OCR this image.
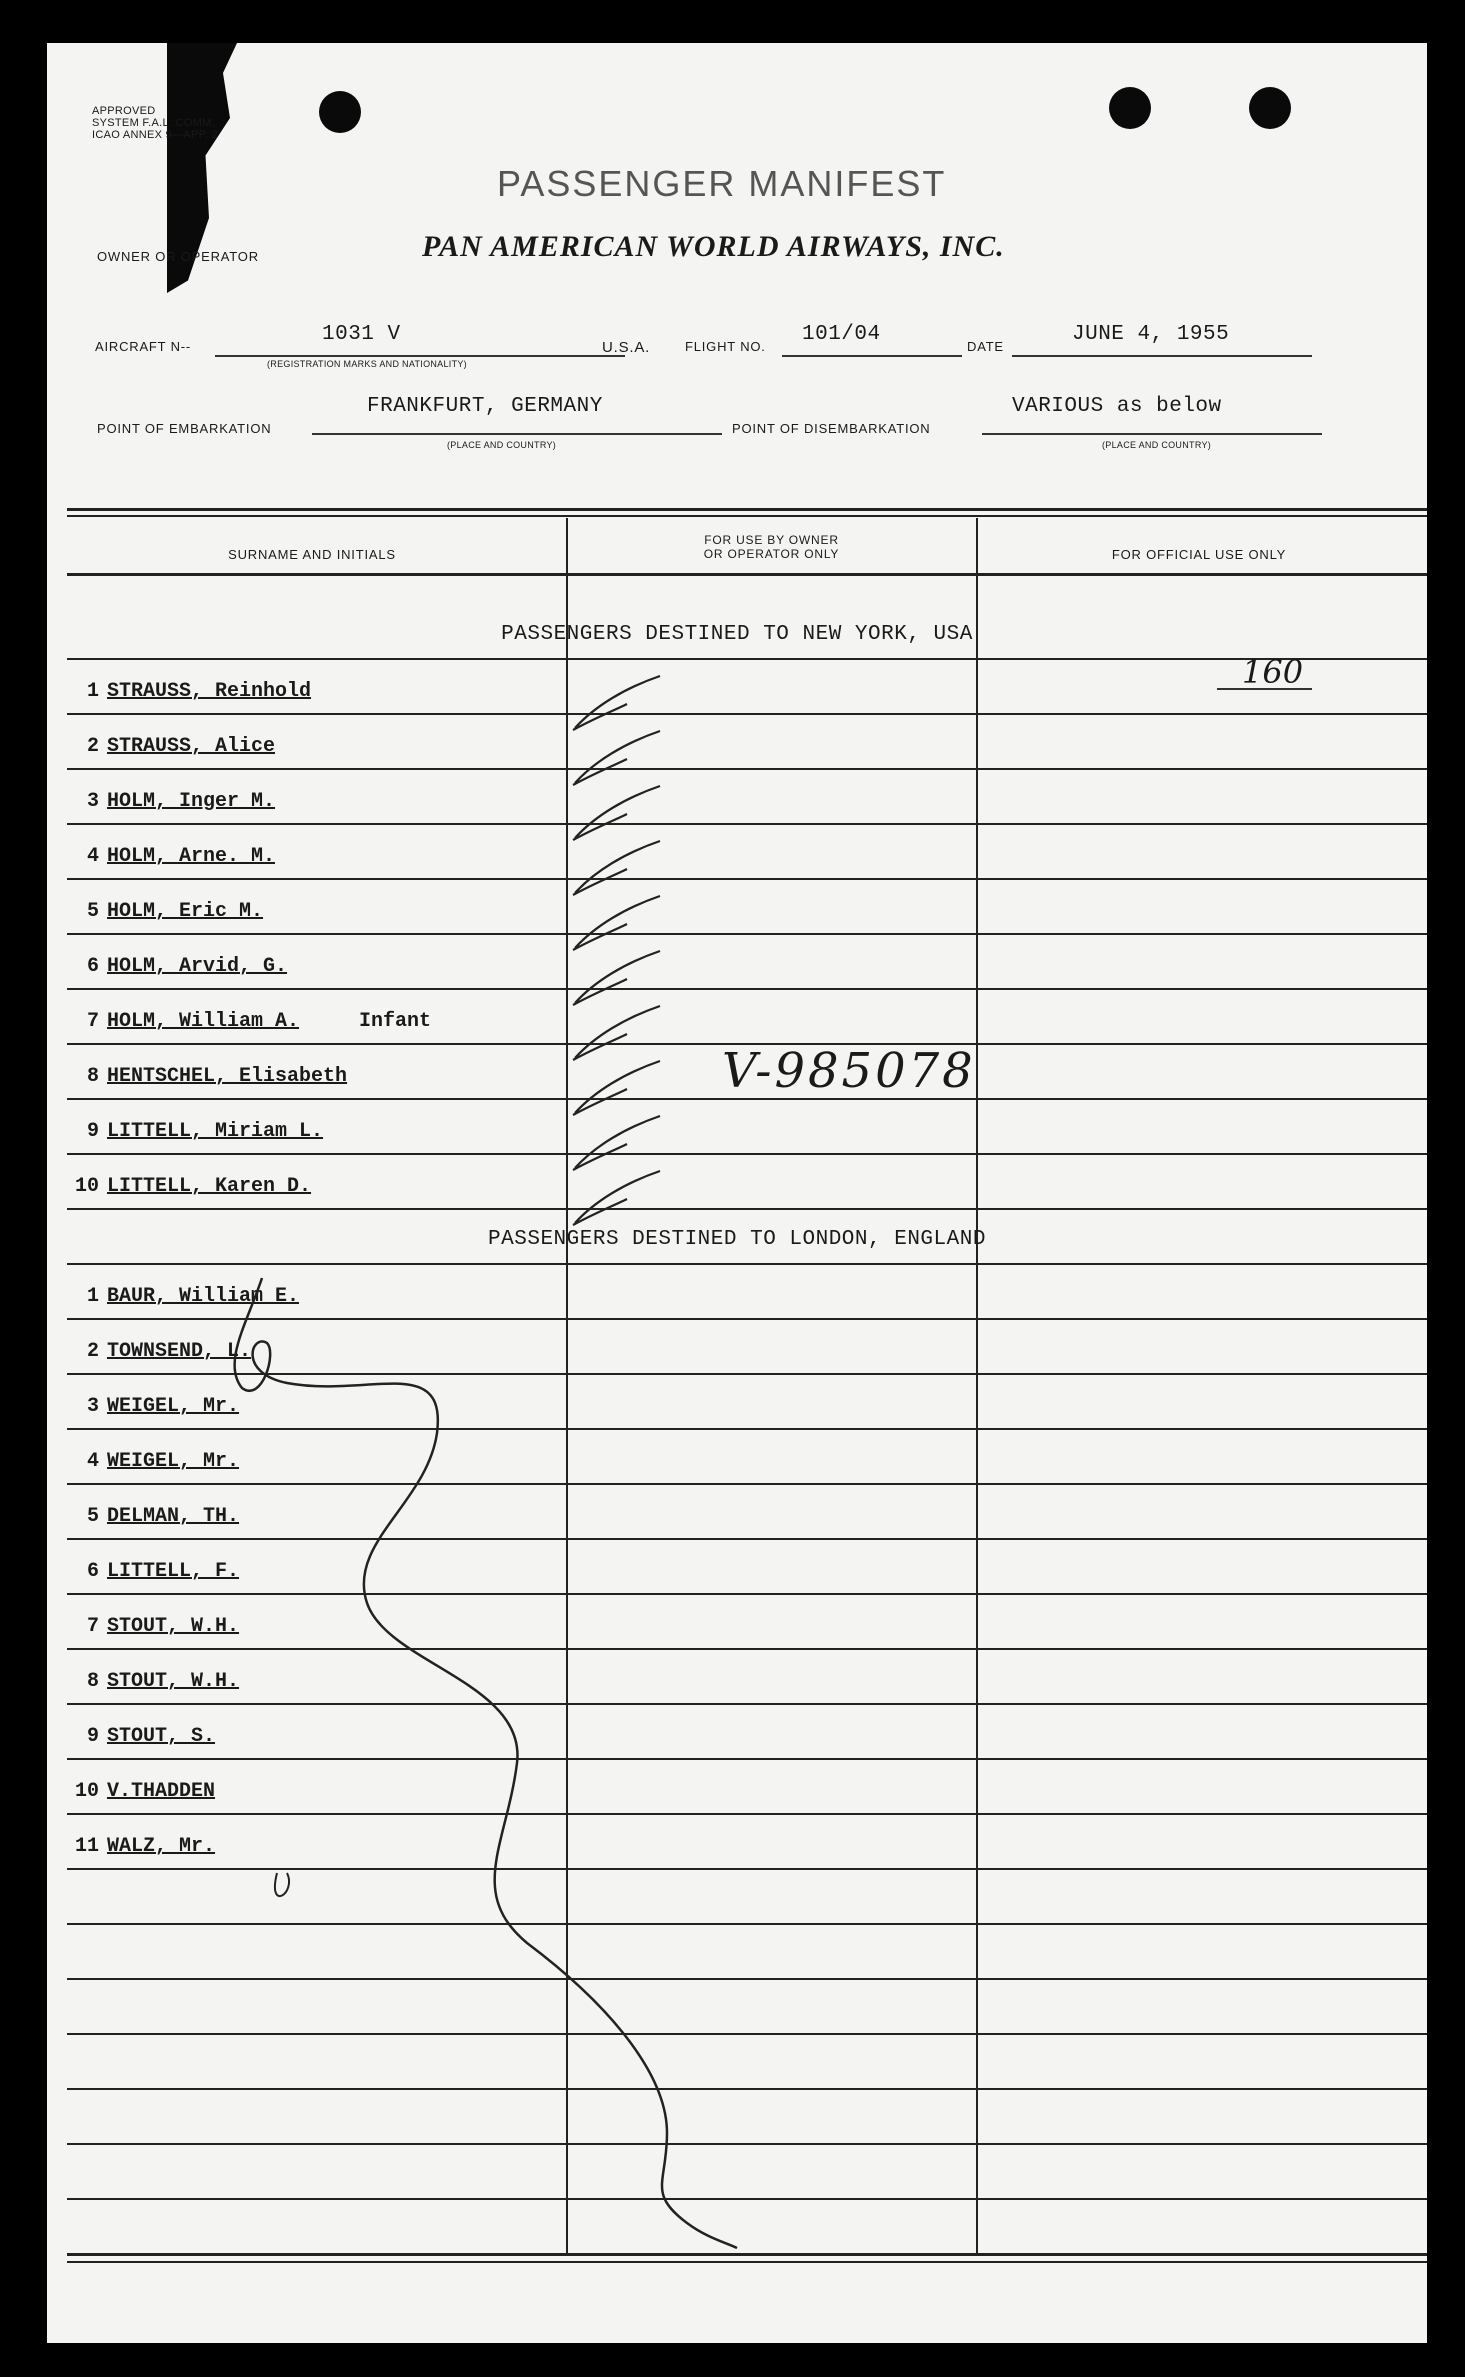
APPROVED
SYSTEM F.A.L. COMM.
ICAO ANNEX 9—APP. 2
PASSENGER MANIFEST
OWNER OR OPERATOR	PAN AMERICAN WORLD AIRWAYS, INC.
AIRCRAFT N--
1031 V
(REGISTRATION MARKS AND NATIONALITY)
U.S.A.	FLIGHT NO.
101/04
DATE
JUNE 4, 1955
FRANKFURT, GERMANY
POINT OF EMBARKATION
(PLACE AND COUNTRY)
POINT OF DISEMBARKATION
VARIOUS as below
(PLACE AND COUNTRY)
SURNAME AND INITIALS
FOR USE BY OWNER
OR OPERATOR ONLY	FOR OFFICIAL USE ONLY
PASSENGERS DESTINED TO NEW YORK, USA
1 STRAUSS, Reinhold
2 STRAUSS, Alice
3 HOLM, Inger M.
4 HOLM, Arne. M.
5 HOLM, Eric M.
6 HOLM, Arvid, G.
7 HOLM, William A.	Infant
8 HENTSCHEL, Elisabeth
9 LITTELL, Miriam L.
10 LITTELL, Karen D.
PASSENGERS DESTINED TO LONDON, ENGLAND
1 BAUR, William E.
2 TOWNSEND, L.
3 WEIGEL, Mr.
4 WEIGEL, Mr.
5 DELMAN, TH.
6 LITTELL, F.
7 STOUT, W.H.
8 STOUT, W.H.
9 STOUT, S.
10 V.THADDEN
11 WALZ, Mr.
160
V-985078
